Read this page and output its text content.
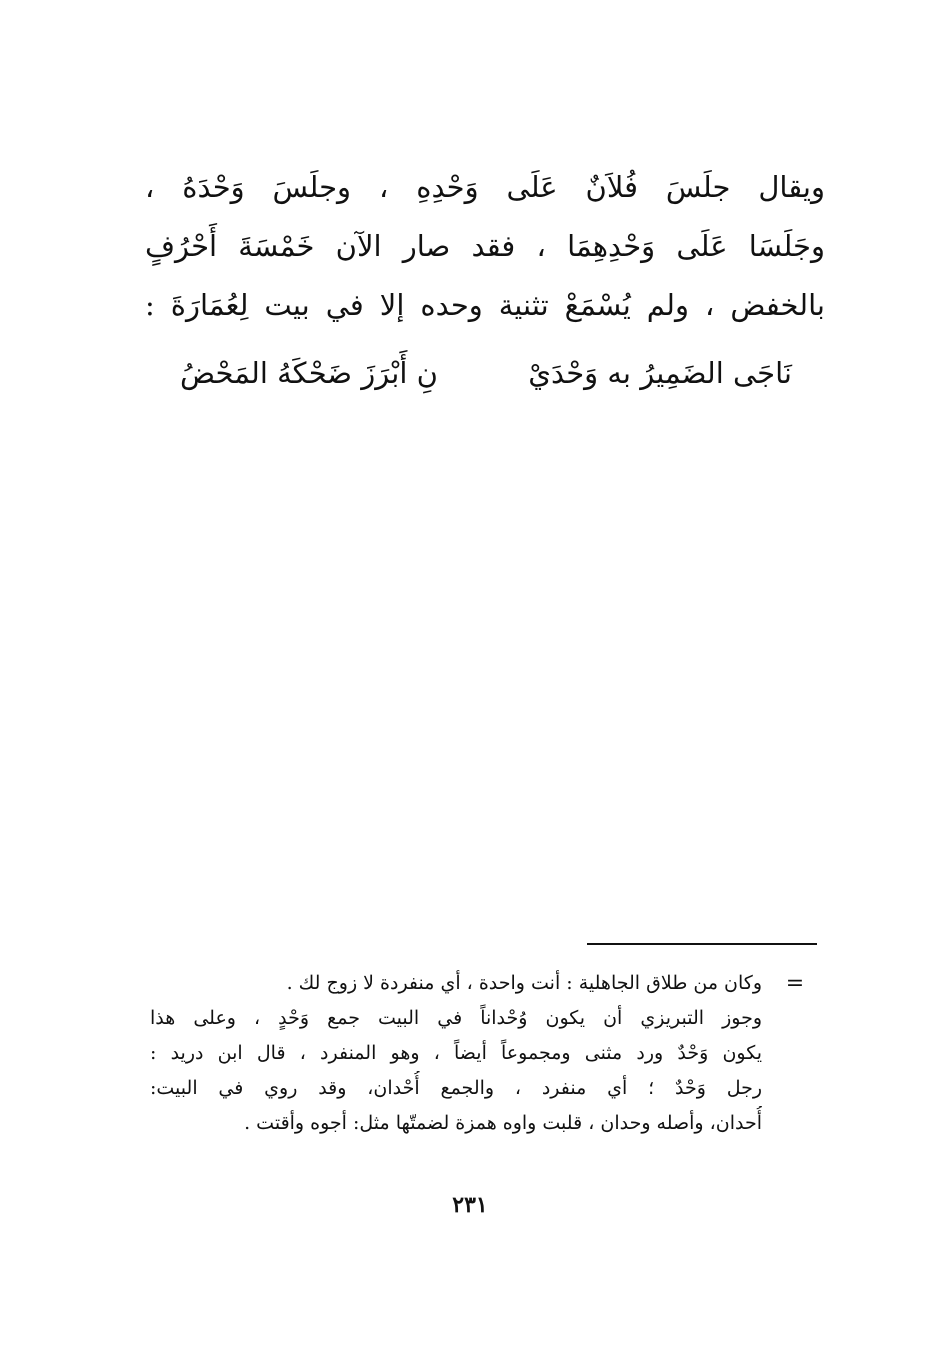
ويقال جلَسَ فُلاَنٌ عَلَى وَحْدِهِ ، وجلَسَ وَحْدَهُ ،
وجَلَسَا عَلَى وَحْدِهِمَا ، فقد صار الآن خَمْسَةَ أَحْرُفٍ
بالخفض ، ولم يُسْمَعْ تثنية وحده إلا في بيت لِعُمَارَةَ :
نَاجَى الضَمِيرُ به وَحْدَيْ
نِ أَبْرَزَ ضَحْكَهُ المَحْضُ
=
وكان من طلاق الجاهلية : أنت واحدة ، أي منفردة لا زوج لك .
وجوز التبريزي أن يكون وُحْداناً في البيت جمع وَحْدٍ ، وعلى هذا
يكون وَحْدٌ ورد مثنى ومجموعاً أيضاً ، وهو المنفرد ، قال ابن دريد :
رجل وَحْدٌ ؛ أي منفرد ، والجمع أُحْدان، وقد روي في البيت:
أُحدان، وأصله وحدان ، قلبت واوه همزة لضمتّها مثل: أجوه وأقتت .
٢٣١
